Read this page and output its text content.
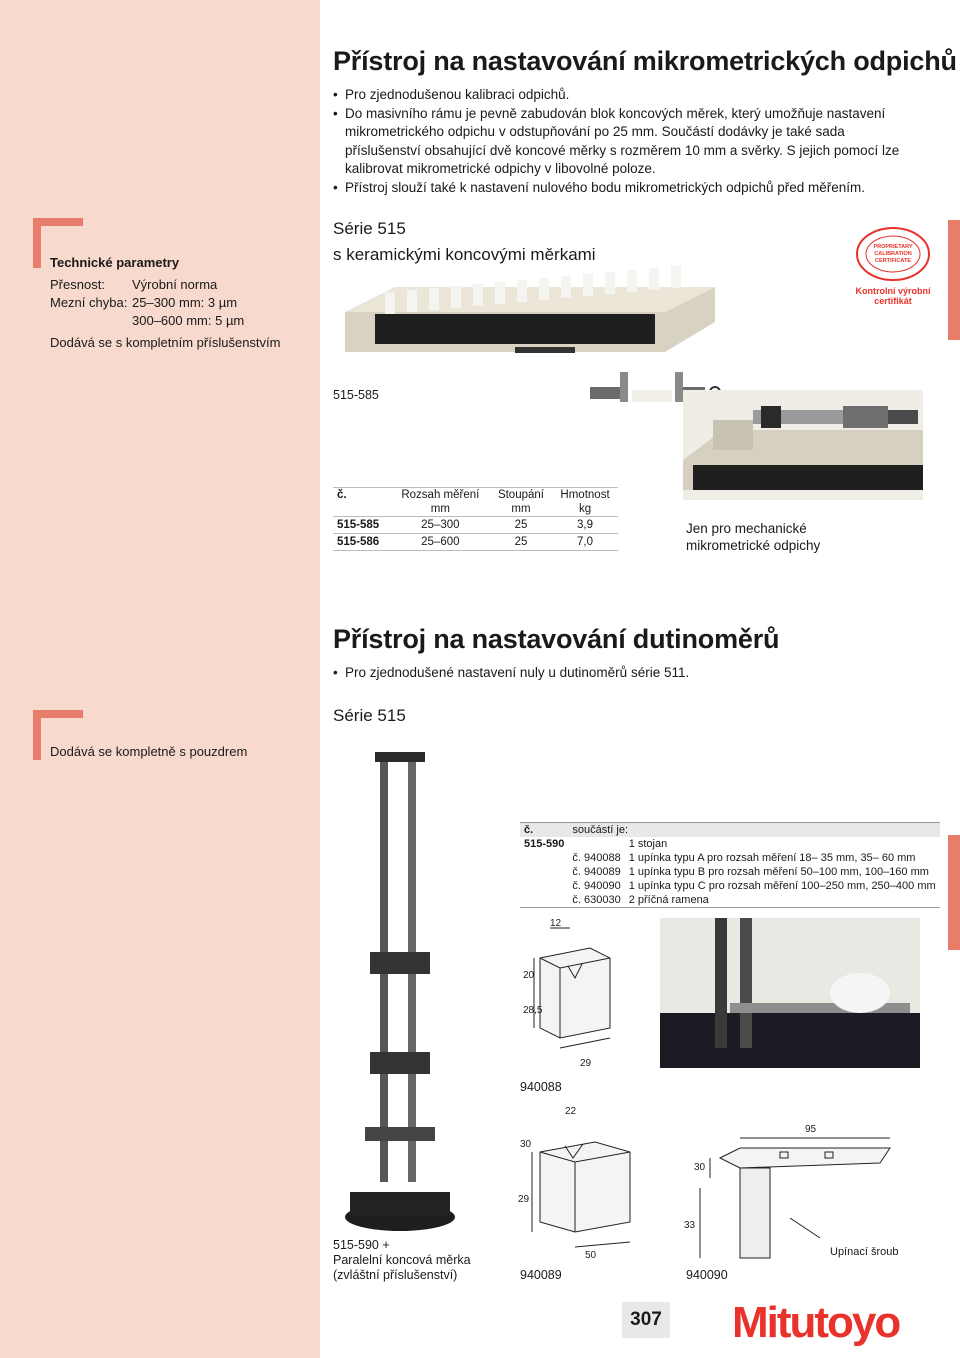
Technické parametry
Přesnost:	Výrobní norma
Mezní chyba: 25–300 mm: 3 µm
300–600 mm: 5 µm
Dodává se s kompletním příslušenstvím
Dodává se kompletně s pouzdrem
Přístroj na nastavování mikrometrických odpichů
• Pro zjednodušenou kalibraci odpichů.
• Do masivního rámu je pevně zabudován blok koncových měrek, který umožňuje nastavení mikrometrického odpichu v odstupňování po 25 mm. Součástí dodávky je také sada příslušenství obsahující dvě koncové měrky s rozměrem 10 mm a svěrky. S jejich pomocí lze kalibrovat mikrometrické odpichy v libovolné poloze.
• Přístroj slouží také k nastavení nulového bodu mikrometrických odpichů před měřením.
Série 515
s keramickými koncovými měrkami	PROPRIETARY
CALIBRATION
CERTIFICATE
Kontrolní výrobní certifikát
515-585
č.	Rozsah měření	Stoupání	Hmotnost
	mm	mm	kg
515-585	25–300	25	3,9
515-586	25–600	25	7,0
Jen pro mechanické mikrometrické odpichy
Přístroj na nastavování dutinoměrů
• Pro zjednodušené nastavení nuly u dutinoměrů série 511.
Série 515
č.	součástí je:	
515-590		1 stojan
	č. 940088	1 upínka typu A pro rozsah měření 18– 35 mm, 35– 60 mm
	č. 940089	1 upínka typu B pro rozsah měření 50–100 mm, 100–160 mm
	č. 940090	1 upínka typu C pro rozsah měření 100–250 mm, 250–400 mm
	č. 630030	2 příčná ramena
12
20
28,5
29
940088
22
30
29
50
95
30
33
Upínací šroub
515-590 +
Paralelní koncová měrka
(zvláštní příslušenství)	940089	940090
307 Mitutoyo
